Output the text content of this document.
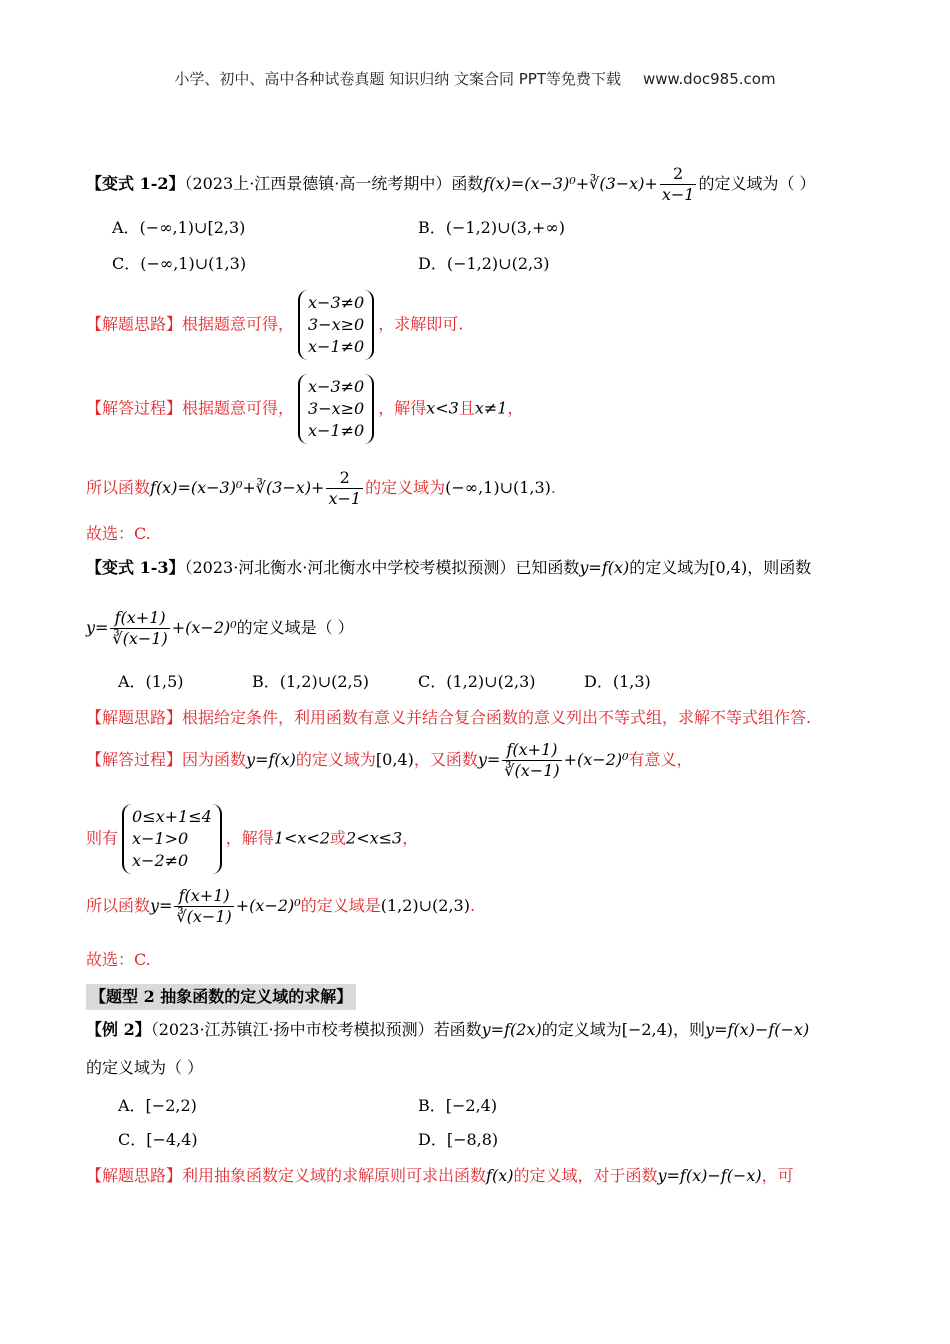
小学、初中、高中各种试卷真题 知识归纳 文案合同 PPT等免费下载 www.doc985.com
【变式 1-2】（2023上·江西景德镇·高一统考期中）函数f(x)=(x−3)⁰+∛(3−x)+ $\frac{2}{x-1}$ 的定义域为（ ）
A．(−∞,1)∪[2,3)	B．(−1,2)∪(3,+∞)
C．(−∞,1)∪(1,3)	D．(−1,2)∪(2,3)
【解题思路】根据题意可得，
x−3≠0
3−x≥0
x−1≠0
，求解即可.
【解答过程】根据题意可得，
x−3≠0
3−x≥0
x−1≠0
，解得x<3且x≠1，
所以函数f(x)=(x−3)⁰+∛(3−x)+ $\frac{2}{x-1}$ 的定义域为(−∞,1)∪(1,3).
故选：C.
【变式 1-3】（2023·河北衡水·河北衡水中学校考模拟预测）已知函数y=f(x)的定义域为[0,4)，则函数
$y= \frac{f(x+1)}{∛(x-1)} +(x-2)^0$的定义域是（ ）
A．(1,5)	B．(1,2)∪(2,5)	C．(1,2)∪(2,3)	D．(1,3)
【解题思路】根据给定条件，利用函数有意义并结合复合函数的意义列出不等式组，求解不等式组作答.
【解答过程】因为函数y=f(x)的定义域为[0,4)，又函数$y= \frac{f(x+1)}{∛(x-1)} +(x-2)^0$有意义，
则有
0≤x+1≤4
x−1>0
x−2≠0
，解得1<x<2或2<x≤3，
所以函数$y= \frac{f(x+1)}{∛(x-1)} +(x-2)^0$的定义域是(1,2)∪(2,3).
故选：C.
【题型 2 抽象函数的定义域的求解】
【例 2】（2023·江苏镇江·扬中市校考模拟预测）若函数y=f(2x)的定义域为[−2,4)，则y=f(x)−f(−x)
的定义域为（ ）
A．[−2,2)	B．[−2,4)
C．[−4,4)	D．[−8,8)
【解题思路】利用抽象函数定义域的求解原则可求出函数f(x)的定义域，对于函数y=f(x)−f(−x)，可
